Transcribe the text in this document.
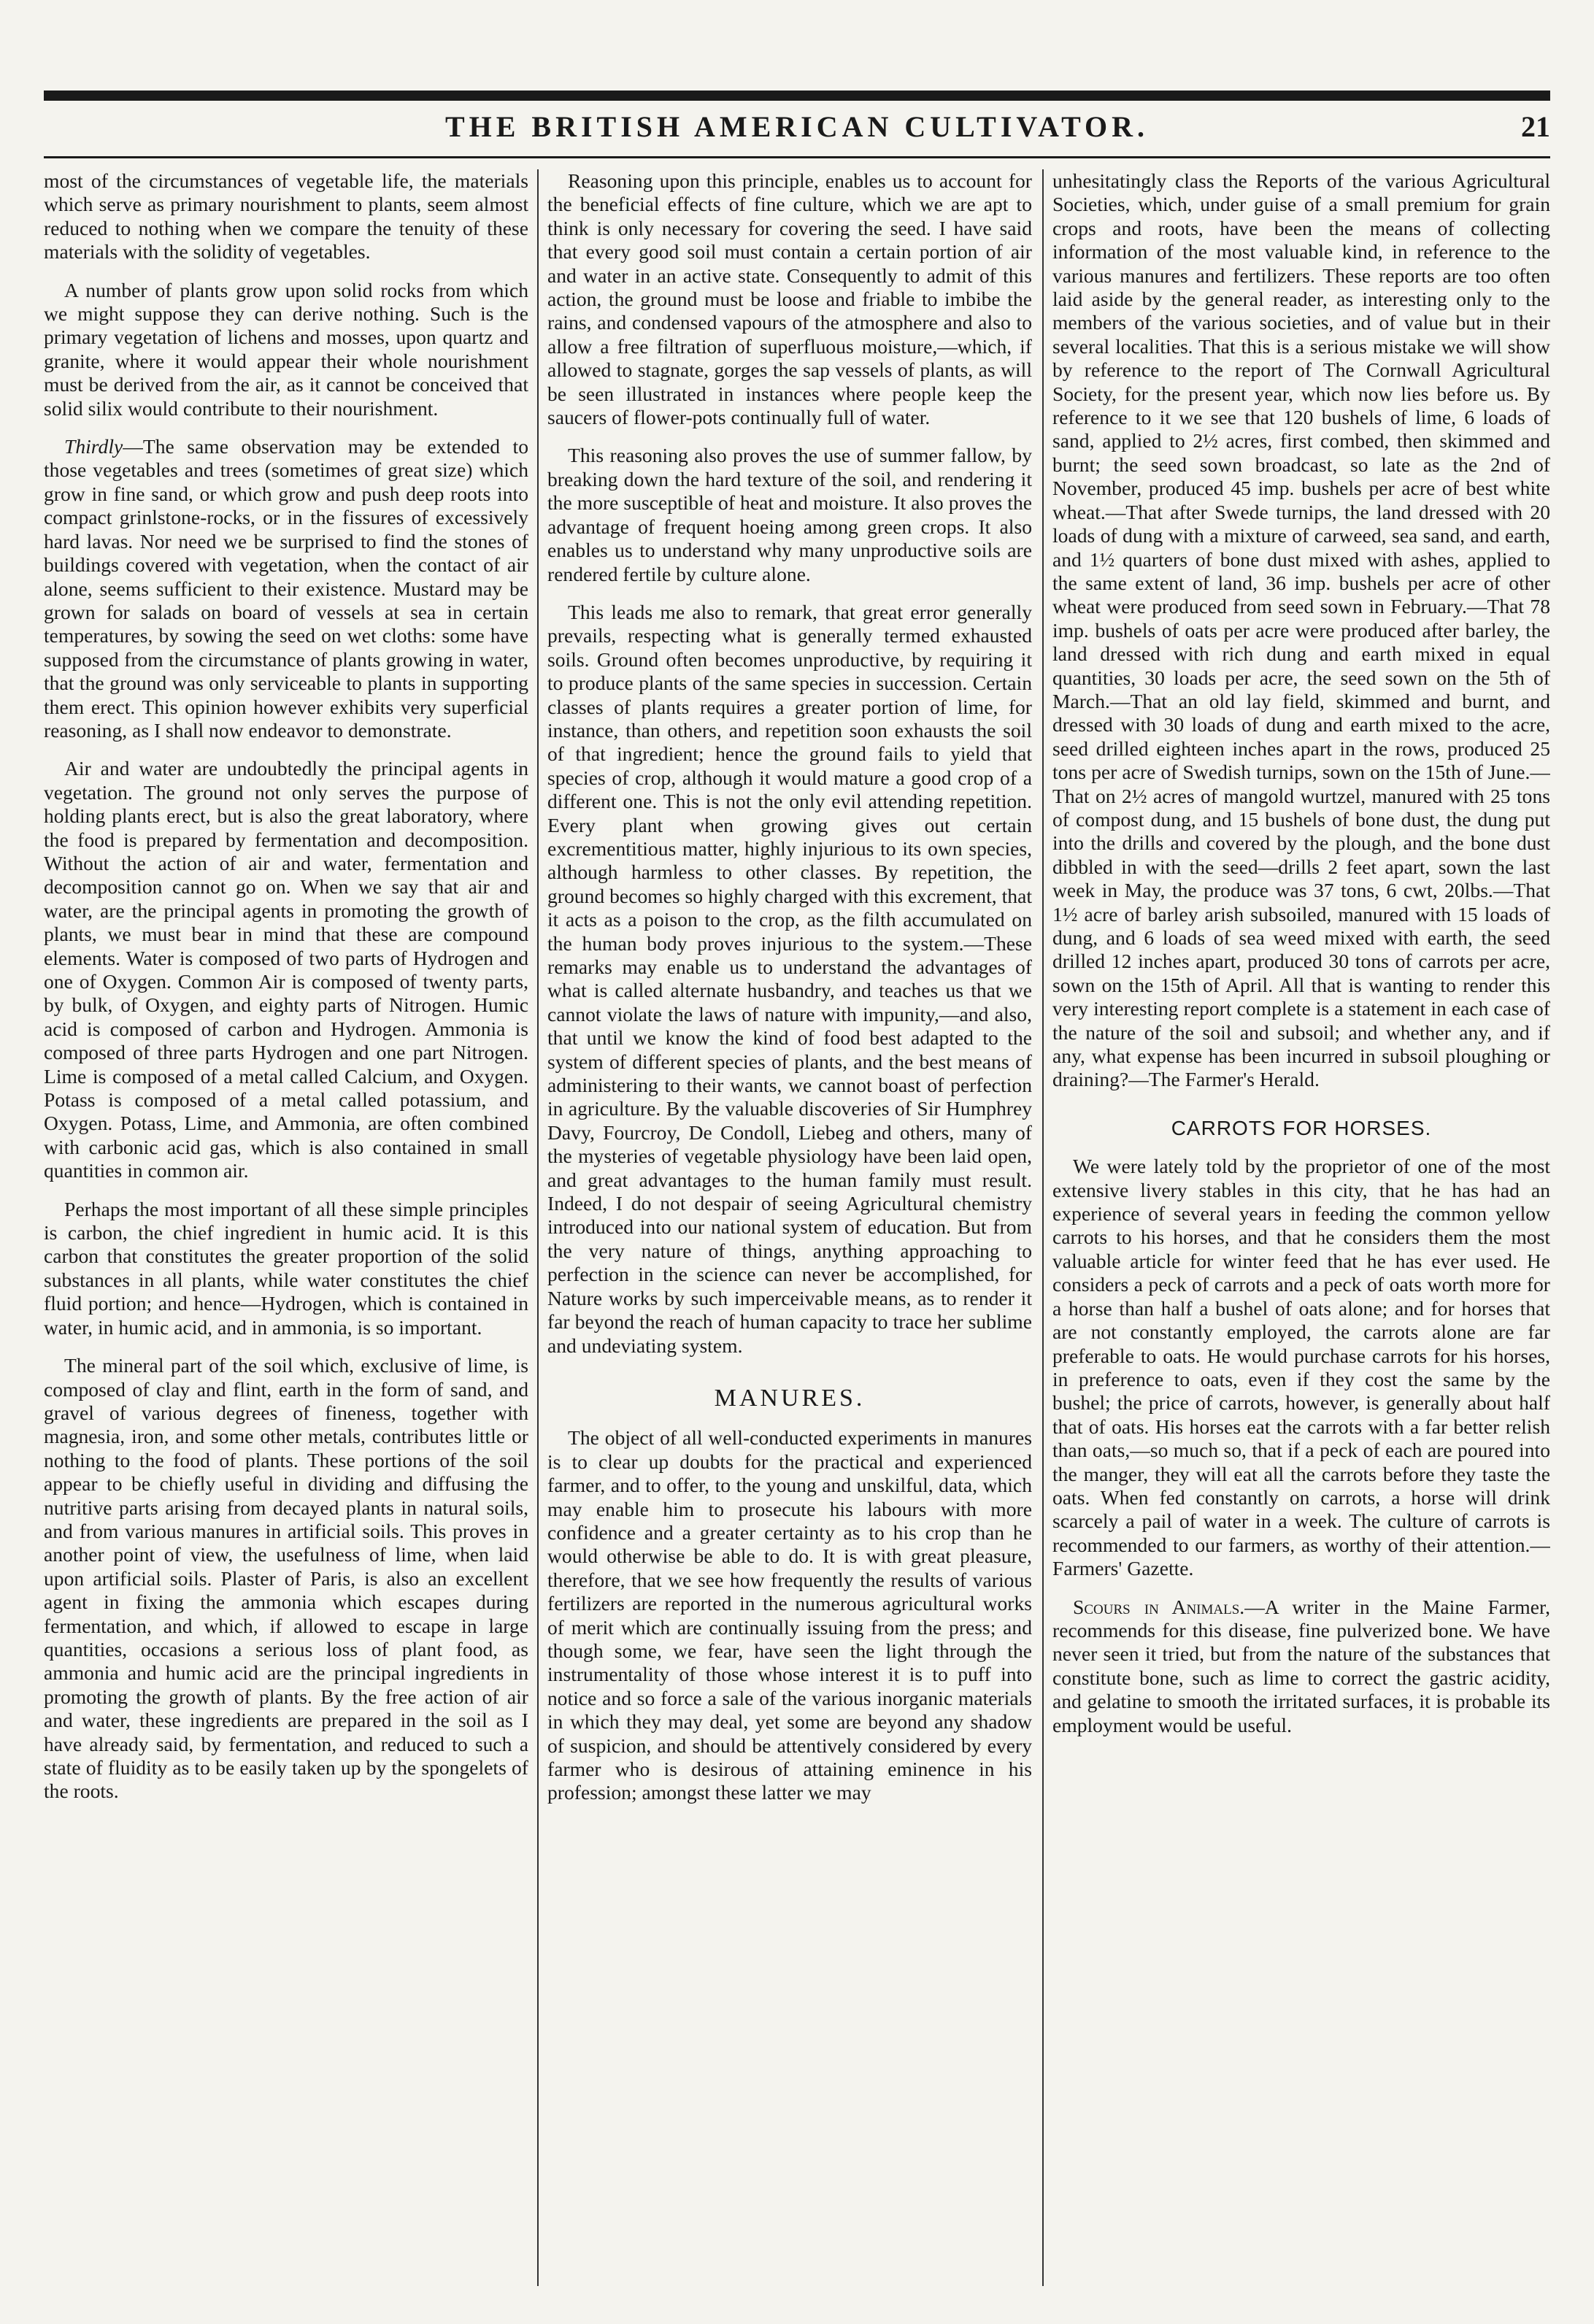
THE BRITISH AMERICAN CULTIVATOR.	21

most of the circumstances of vegetable life, the materials which serve as primary nourishment to plants, seem almost reduced to nothing when we compare the tenuity of these materials with the solidity of vegetables.

A number of plants grow upon solid rocks from which we might suppose they can derive nothing. Such is the primary vegetation of lichens and mosses, upon quartz and granite, where it would appear their whole nourishment must be derived from the air, as it cannot be conceived that solid silix would contribute to their nourishment.

Thirdly—The same observation may be extended to those vegetables and trees (sometimes of great size) which grow in fine sand, or which grow and push deep roots into compact grinlstone-rocks, or in the fissures of excessively hard lavas. Nor need we be surprised to find the stones of buildings covered with vegetation, when the contact of air alone, seems sufficient to their existence. Mustard may be grown for salads on board of vessels at sea in certain temperatures, by sowing the seed on wet cloths: some have supposed from the circumstance of plants growing in water, that the ground was only serviceable to plants in supporting them erect. This opinion however exhibits very superficial reasoning, as I shall now endeavor to demonstrate.

Air and water are undoubtedly the principal agents in vegetation. The ground not only serves the purpose of holding plants erect, but is also the great laboratory, where the food is prepared by fermentation and decomposition. Without the action of air and water, fermentation and decomposition cannot go on. When we say that air and water, are the principal agents in promoting the growth of plants, we must bear in mind that these are compound elements. Water is composed of two parts of Hydrogen and one of Oxygen. Common Air is composed of twenty parts, by bulk, of Oxygen, and eighty parts of Nitrogen. Humic acid is composed of carbon and Hydrogen. Ammonia is composed of three parts Hydrogen and one part Nitrogen. Lime is composed of a metal called Calcium, and Oxygen. Potass is composed of a metal called potassium, and Oxygen. Potass, Lime, and Ammonia, are often combined with carbonic acid gas, which is also contained in small quantities in common air.

Perhaps the most important of all these simple principles is carbon, the chief ingredient in humic acid. It is this carbon that constitutes the greater proportion of the solid substances in all plants, while water constitutes the chief fluid portion; and hence—Hydrogen, which is contained in water, in humic acid, and in ammonia, is so important.

The mineral part of the soil which, exclusive of lime, is composed of clay and flint, earth in the form of sand, and gravel of various degrees of fineness, together with magnesia, iron, and some other metals, contributes little or nothing to the food of plants. These portions of the soil appear to be chiefly useful in dividing and diffusing the nutritive parts arising from decayed plants in natural soils, and from various manures in artificial soils. This proves in another point of view, the usefulness of lime, when laid upon artificial soils. Plaster of Paris, is also an excellent agent in fixing the ammonia which escapes during fermentation, and which, if allowed to escape in large quantities, occasions a serious loss of plant food, as ammonia and humic acid are the principal ingredients in promoting the growth of plants. By the free action of air and water, these ingredients are prepared in the soil as I have already said, by fermentation, and reduced to such a state of fluidity as to be easily taken up by the spongelets of the roots.

Reasoning upon this principle, enables us to account for the beneficial effects of fine culture, which we are apt to think is only necessary for covering the seed. I have said that every good soil must contain a certain portion of air and water in an active state. Consequently to admit of this action, the ground must be loose and friable to imbibe the rains, and condensed vapours of the atmosphere and also to allow a free filtration of superfluous moisture,—which, if allowed to stagnate, gorges the sap vessels of plants, as will be seen illustrated in instances where people keep the saucers of flower-pots continually full of water.

This reasoning also proves the use of summer fallow, by breaking down the hard texture of the soil, and rendering it the more susceptible of heat and moisture. It also proves the advantage of frequent hoeing among green crops. It also enables us to understand why many unproductive soils are rendered fertile by culture alone.

This leads me also to remark, that great error generally prevails, respecting what is generally termed exhausted soils. Ground often becomes unproductive, by requiring it to produce plants of the same species in succession. Certain classes of plants requires a greater portion of lime, for instance, than others, and repetition soon exhausts the soil of that ingredient; hence the ground fails to yield that species of crop, although it would mature a good crop of a different one. This is not the only evil attending repetition. Every plant when growing gives out certain excrementitious matter, highly injurious to its own species, although harmless to other classes. By repetition, the ground becomes so highly charged with this excrement, that it acts as a poison to the crop, as the filth accumulated on the human body proves injurious to the system.—These remarks may enable us to understand the advantages of what is called alternate husbandry, and teaches us that we cannot violate the laws of nature with impunity,—and also, that until we know the kind of food best adapted to the system of different species of plants, and the best means of administering to their wants, we cannot boast of perfection in agriculture. By the valuable discoveries of Sir Humphrey Davy, Fourcroy, De Condoll, Liebeg and others, many of the mysteries of vegetable physiology have been laid open, and great advantages to the human family must result. Indeed, I do not despair of seeing Agricultural chemistry introduced into our national system of education. But from the very nature of things, anything approaching to perfection in the science can never be accomplished, for Nature works by such imperceivable means, as to render it far beyond the reach of human capacity to trace her sublime and undeviating system.

MANURES.

The object of all well-conducted experiments in manures is to clear up doubts for the practical and experienced farmer, and to offer, to the young and unskilful, data, which may enable him to prosecute his labours with more confidence and a greater certainty as to his crop than he would otherwise be able to do. It is with great pleasure, therefore, that we see how frequently the results of various fertilizers are reported in the numerous agricultural works of merit which are continually issuing from the press; and though some, we fear, have seen the light through the instrumentality of those whose interest it is to puff into notice and so force a sale of the various inorganic materials in which they may deal, yet some are beyond any shadow of suspicion, and should be attentively considered by every farmer who is desirous of attaining eminence in his profession; amongst these latter we may

unhesitatingly class the Reports of the various Agricultural Societies, which, under guise of a small premium for grain crops and roots, have been the means of collecting information of the most valuable kind, in reference to the various manures and fertilizers. These reports are too often laid aside by the general reader, as interesting only to the members of the various societies, and of value but in their several localities. That this is a serious mistake we will show by reference to the report of The Cornwall Agricultural Society, for the present year, which now lies before us. By reference to it we see that 120 bushels of lime, 6 loads of sand, applied to 2½ acres, first combed, then skimmed and burnt; the seed sown broadcast, so late as the 2nd of November, produced 45 imp. bushels per acre of best white wheat.—That after Swede turnips, the land dressed with 20 loads of dung with a mixture of carweed, sea sand, and earth, and 1½ quarters of bone dust mixed with ashes, applied to the same extent of land, 36 imp. bushels per acre of other wheat were produced from seed sown in February.—That 78 imp. bushels of oats per acre were produced after barley, the land dressed with rich dung and earth mixed in equal quantities, 30 loads per acre, the seed sown on the 5th of March.—That an old lay field, skimmed and burnt, and dressed with 30 loads of dung and earth mixed to the acre, seed drilled eighteen inches apart in the rows, produced 25 tons per acre of Swedish turnips, sown on the 15th of June.—That on 2½ acres of mangold wurtzel, manured with 25 tons of compost dung, and 15 bushels of bone dust, the dung put into the drills and covered by the plough, and the bone dust dibbled in with the seed—drills 2 feet apart, sown the last week in May, the produce was 37 tons, 6 cwt, 20lbs.—That 1½ acre of barley arish subsoiled, manured with 15 loads of dung, and 6 loads of sea weed mixed with earth, the seed drilled 12 inches apart, produced 30 tons of carrots per acre, sown on the 15th of April. All that is wanting to render this very interesting report complete is a statement in each case of the nature of the soil and subsoil; and whether any, and if any, what expense has been incurred in subsoil ploughing or draining?—The Farmer's Herald.

CARROTS FOR HORSES.

We were lately told by the proprietor of one of the most extensive livery stables in this city, that he has had an experience of several years in feeding the common yellow carrots to his horses, and that he considers them the most valuable article for winter feed that he has ever used. He considers a peck of carrots and a peck of oats worth more for a horse than half a bushel of oats alone; and for horses that are not constantly employed, the carrots alone are far preferable to oats. He would purchase carrots for his horses, in preference to oats, even if they cost the same by the bushel; the price of carrots, however, is generally about half that of oats. His horses eat the carrots with a far better relish than oats,—so much so, that if a peck of each are poured into the manger, they will eat all the carrots before they taste the oats. When fed constantly on carrots, a horse will drink scarcely a pail of water in a week. The culture of carrots is recommended to our farmers, as worthy of their attention.—Farmers' Gazette.

Scours in Animals.—A writer in the Maine Farmer, recommends for this disease, fine pulverized bone. We have never seen it tried, but from the nature of the substances that constitute bone, such as lime to correct the gastric acidity, and gelatine to smooth the irritated surfaces, it is probable its employment would be useful.
